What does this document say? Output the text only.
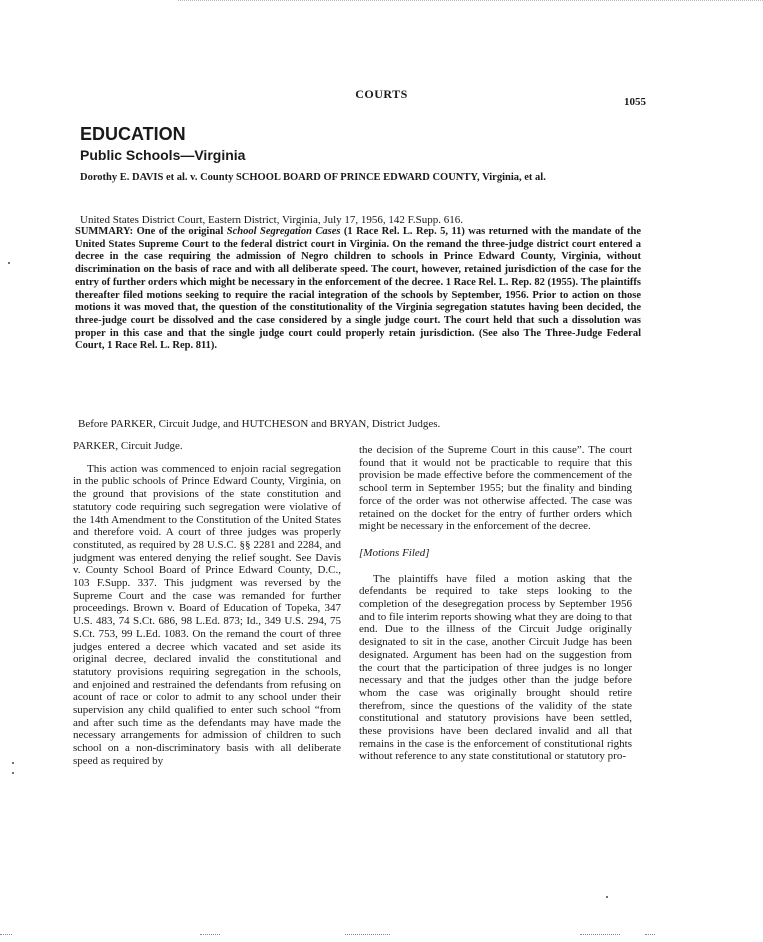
COURTS
1055
EDUCATION
Public Schools—Virginia
Dorothy E. DAVIS et al. v. County SCHOOL BOARD OF PRINCE EDWARD COUNTY, Virginia, et al.
United States District Court, Eastern District, Virginia, July 17, 1956, 142 F.Supp. 616.
SUMMARY: One of the original School Segregation Cases (1 Race Rel. L. Rep. 5, 11) was returned with the mandate of the United States Supreme Court to the federal district court in Virginia. On the remand the three-judge district court entered a decree in the case requiring the admission of Negro children to schools in Prince Edward County, Virginia, without discrimination on the basis of race and with all deliberate speed. The court, however, retained jurisdiction of the case for the entry of further orders which might be necessary in the enforcement of the decree. 1 Race Rel. L. Rep. 82 (1955). The plaintiffs thereafter filed motions seeking to require the racial integration of the schools by September, 1956. Prior to action on those motions it was moved that, the question of the constitutionality of the Virginia segregation statutes having been decided, the three-judge court be dissolved and the case considered by a single judge court. The court held that such a dissolution was proper in this case and that the single judge court could properly retain jurisdiction. (See also The Three-Judge Federal Court, 1 Race Rel. L. Rep. 811).
Before PARKER, Circuit Judge, and HUTCHESON and BRYAN, District Judges.

PARKER, Circuit Judge.

This action was commenced to enjoin racial segregation in the public schools of Prince Edward County, Virginia, on the ground that provisions of the state constitution and statutory code requiring such segregation were violative of the 14th Amendment to the Constitution of the United States and therefore void. A court of three judges was properly constituted, as required by 28 U.S.C. §§ 2281 and 2284, and judgment was entered denying the relief sought. See Davis v. County School Board of Prince Edward County, D.C., 103 F.Supp. 337. This judgment was reversed by the Supreme Court and the case was remanded for further proceedings. Brown v. Board of Education of Topeka, 347 U.S. 483, 74 S.Ct. 686, 98 L.Ed. 873; Id., 349 U.S. 294, 75 S.Ct. 753, 99 L.Ed. 1083. On the remand the court of three judges entered a decree which vacated and set aside its original decree, declared invalid the constitutional and statutory provisions requiring segregation in the schools, and enjoined and restrained the defendants from refusing on acount of race or color to admit to any school under their supervision any child qualified to enter such school “from and after such time as the defendants may have made the necessary arrangements for admission of children to such school on a non-discriminatory basis with all deliberate speed as required by

the decision of the Supreme Court in this cause”. The court found that it would not be practicable to require that this provision be made effective before the commencement of the school term in September 1955; but the finality and binding force of the order was not otherwise affected. The case was retained on the docket for the entry of further orders which might be necessary in the enforcement of the decree.

[Motions Filed]

The plaintiffs have filed a motion asking that the defendants be required to take steps looking to the completion of the desegregation process by September 1956 and to file interim reports showing what they are doing to that end. Due to the illness of the Circuit Judge originally designated to sit in the case, another Circuit Judge has been designated. Argument has been had on the suggestion from the court that the participation of three judges is no longer necessary and that the judges other than the judge before whom the case was originally brought should retire therefrom, since the questions of the validity of the state constitutional and statutory provisions have been settled, these provisions have been declared invalid and all that remains in the case is the enforcement of constitutional rights without reference to any state constitutional or statutory pro-
